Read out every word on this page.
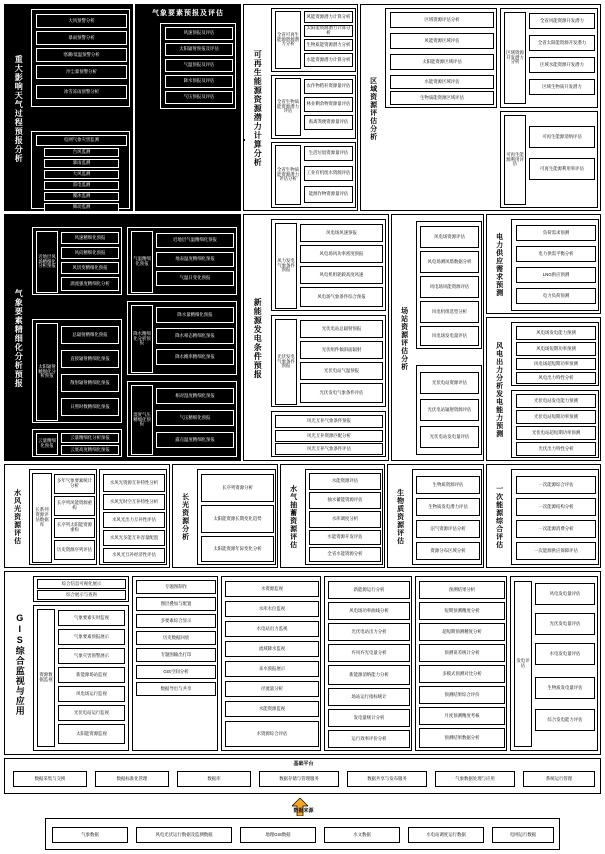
重大影响天气过程预报分析
大风预警分析
暴雨预警分析
寒潮/低温预警分析
沙尘暴预警分析
冰雪冻雨预警分析
电网气象灾害监测
台风监测
暴雨监测
大风监测
雷电监测
覆冰监测
舞动监测
气象要素预报及评估
风速预报及评估
太阳辐射预报及评估
气温预报及评估
降水预报及评估
气压预报及评估	可再生能源资源潜力计算分析
全省可再生能源资源潜力分析
风能资源潜力计算分析
太阳能资源潜力计算分析
生物质能资源潜力分析
水能资源潜力计算分析
全省生物质能资源潜力评估
农作物秸秆资源量评估
林业剩余物资源量评估
畜禽粪便资源量评估
全省生物质能资源潜力评估分析
生活垃圾资源量评估
工业有机废水资源评估
能源作物资源量评估
区域资源评估分析
区域资源评估分析
风能资源区域评估
太阳能资源区域评估
水能资源区域评估
生物质能资源区域评估
区域资源开发潜力分析
全省风能资源开发潜力
全省太阳能资源开发潜力
区域水能资源开发潜力
区域生物质开发潜力
可再生能源利用评估
可再生能源消纳评估
可再生能源利用率评估
气象要素精细化分析预报
近地层风场精细化分析预报
风速精细化预报
风向精细化预报
风切变精细化预报
湍流强度精细化分析
太阳辐射精细化分析预报
总辐射精细化预报
直接辐射精细化预报
散射辐射精细化预报
日照时数精细化预报
云量精细化预报
云量精细化分析预报
云底高度精细化预报
气温精细化预报
近地层气温精细化预报
地表温度精细化预报
气温日变化预报
降水精细化分析预报
降水量精细化预报
降水相态精细化预报
降水概率精细化预报
湿度气压精细化预报
相对湿度精细化预报
气压精细化预报
露点温度精细化预报
新能源发电条件预报
风力发电气象条件预报
风电场风速预报
风电场风功率密度预报
风电机组轮毂高度风速
风电场气象条件综合预报
光伏发电气象条件预报
光伏电站总辐射预报
光伏组件倾斜面辐射
光伏电站气温预报
光伏发电气象条件评估
风光互补气象条件预报
风光互补资源匹配分析
风光互补气象条件评估
场站资源评估分析
风电场资源评估
风电场测风塔数据分析
风电场风能资源评估
风电机组选型分析
风电场发电量评估
光伏电站资源评估
光伏电站辐射资源评估
光伏电站发电量评估
电力供应需求预测
负荷需求预测
电力供需平衡分析
LNG供应预测
电力负荷预测
风电出力分析发电能力预测
风电场发电能力预测
风电场短期功率预测
风电场超短期功率预测
风电出力特性分析
光伏电站发电能力预测
光伏电站短期功率预测
光伏电站超短期功率预测
光伏出力特性分析
水风光资源评估	长系列资源评估数据库
多年气象要素统计分析
长序列风能资源重构
长序列太阳能资源重构
历史资源序列评估
水风光资源互补特性分析
水风光时空互补特性分析
水风光出力互补性评估
水风光多能互补容量配置
水风光互补经济性评估
长光资源分析
长序列资源分析
太阳能资源长期变化趋势
太阳能资源年际变化分析	水气抽蓄资源评估
水能资源评估
抽水蓄能资源评估
水库调度分析
水能资源开发评估
全省水能资源分析
生物质资源评估
生物质资源评估
生物质发电潜力评估
沼气资源评估分析
资源分布区域分析
一次能源综合评估
一次能源综合评估
一次能源结构分析
一次能源消费分析
一次能源供应保障评估
GIS综合监视与应用
综合信息可视化展示
综合展示与查询
资源数据监视
气象要素实时监视
气象要素预报展示
气象灾害预警展示
新能源场站监视
风电场运行监视
光伏电站运行监视
太阳能资源监视
专题图制作
图层叠加与配置
多要素综合显示
历史数据回放
专题图输出打印
GIS空间分析
数据导出与共享
水资源监视
水库水位监视
水电站出力监视
流域降水监视
来水预报展示
径流量分析
水能资源监视
水资源综合评估
新能源运行分析
风电场功率曲线分析
光伏电站出力分析
弃风弃光电量分析
新能源消纳能力分析
场站运行指标统计
发电量统计分析
运行效率评价分析
预测结果分析
短期预测精度分析
超短期预测精度分析
预测误差统计分析
多模式预测对比分析
预测结果综合评价
月度预测精度考核
预测结果数据分析
发电评估
风电发电量评估
光伏发电量评估
水电发电量评估
生物质发电量评估
综合发电能力评估
基础平台
数据采集与交换	数据标准化管理	数据库	数据存储与管理服务	数据共享与发布服务	气象数据处理与应用	系统运行管理
数据来源
气象数据	风电光伏运行数据及监测数据	地理GIS数据	水文数据	水电站调度运行数据	电网运行数据
